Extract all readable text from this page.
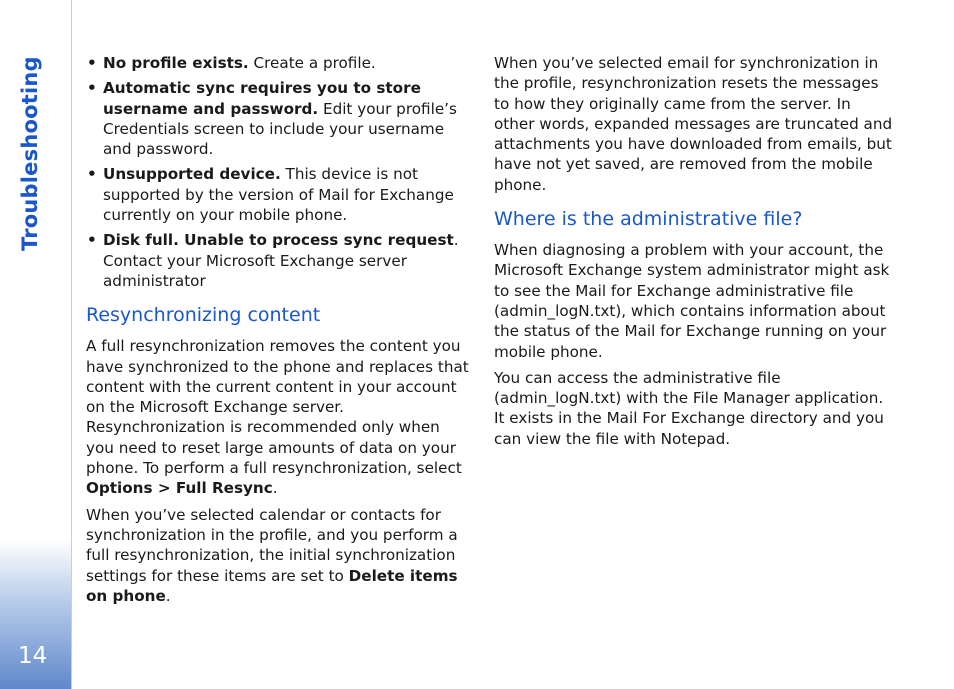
Troubleshooting
14
• No profile exists. Create a profile.
• Automatic sync requires you to store username and password. Edit your profile’s Credentials screen to include your username and password.
• Unsupported device. This device is not supported by the version of Mail for Exchange currently on your mobile phone.
• Disk full. Unable to process sync request. Contact your Microsoft Exchange server administrator
Resynchronizing content

A full resynchronization removes the content you have synchronized to the phone and replaces that content with the current content in your account on the Microsoft Exchange server. Resynchronization is recommended only when you need to reset large amounts of data on your phone. To perform a full resynchronization, select Options > Full Resync.

When you’ve selected calendar or contacts for synchronization in the profile, and you perform a full resynchronization, the initial synchronization settings for these items are set to Delete items on phone.

When you’ve selected email for synchronization in the profile, resynchronization resets the messages to how they originally came from the server. In other words, expanded messages are truncated and attachments you have downloaded from emails, but have not yet saved, are removed from the mobile phone.

Where is the administrative file?

When diagnosing a problem with your account, the Microsoft Exchange system administrator might ask to see the Mail for Exchange administrative file (admin_logN.txt), which contains information about the status of the Mail for Exchange running on your mobile phone.

You can access the administrative file (admin_logN.txt) with the File Manager application. It exists in the Mail For Exchange directory and you can view the file with Notepad.
